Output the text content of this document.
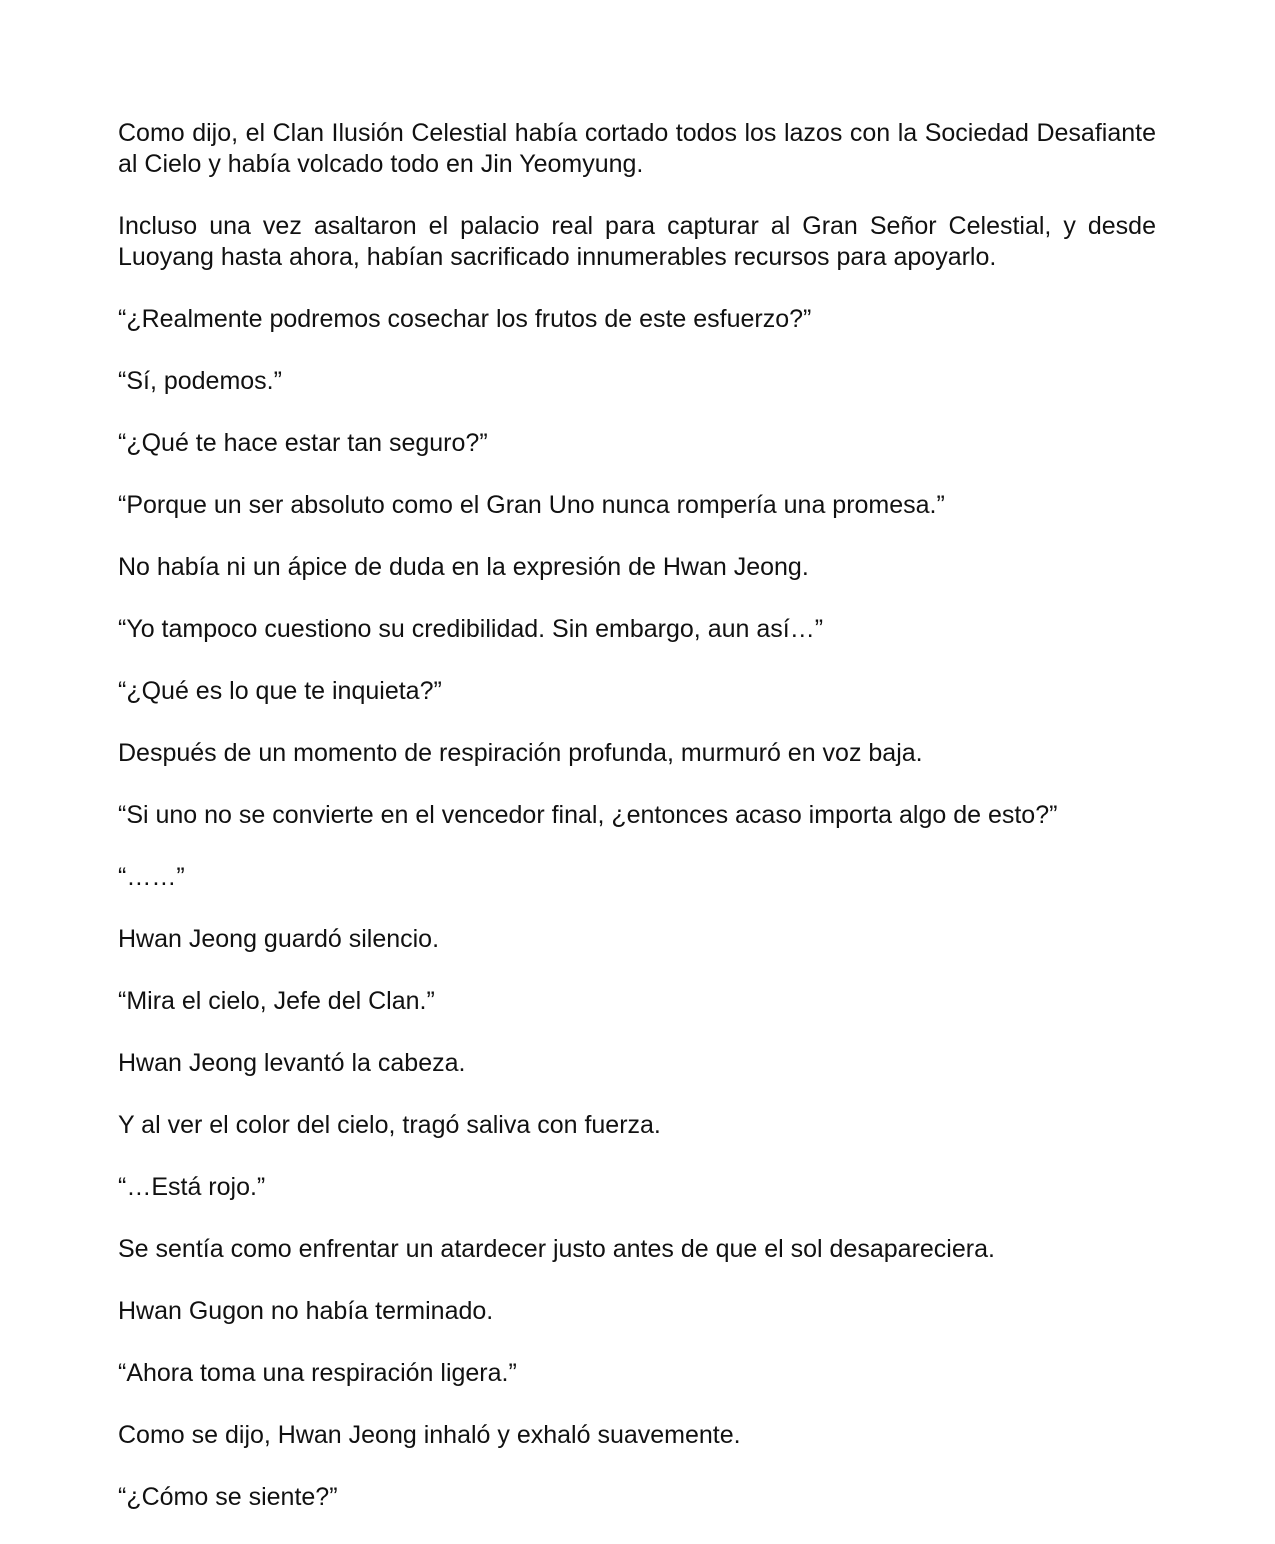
Como dijo, el Clan Ilusión Celestial había cortado todos los lazos con la Sociedad Desafiante al Cielo y había volcado todo en Jin Yeomyung.

Incluso una vez asaltaron el palacio real para capturar al Gran Señor Celestial, y desde Luoyang hasta ahora, habían sacrificado innumerables recursos para apoyarlo.

“¿Realmente podremos cosechar los frutos de este esfuerzo?”

“Sí, podemos.”

“¿Qué te hace estar tan seguro?”

“Porque un ser absoluto como el Gran Uno nunca rompería una promesa.”

No había ni un ápice de duda en la expresión de Hwan Jeong.

“Yo tampoco cuestiono su credibilidad. Sin embargo, aun así…”

“¿Qué es lo que te inquieta?”

Después de un momento de respiración profunda, murmuró en voz baja.

“Si uno no se convierte en el vencedor final, ¿entonces acaso importa algo de esto?”

“……”

Hwan Jeong guardó silencio.

“Mira el cielo, Jefe del Clan.”

Hwan Jeong levantó la cabeza.

Y al ver el color del cielo, tragó saliva con fuerza.

“…Está rojo.”

Se sentía como enfrentar un atardecer justo antes de que el sol desapareciera.

Hwan Gugon no había terminado.

“Ahora toma una respiración ligera.”

Como se dijo, Hwan Jeong inhaló y exhaló suavemente.

“¿Cómo se siente?”
